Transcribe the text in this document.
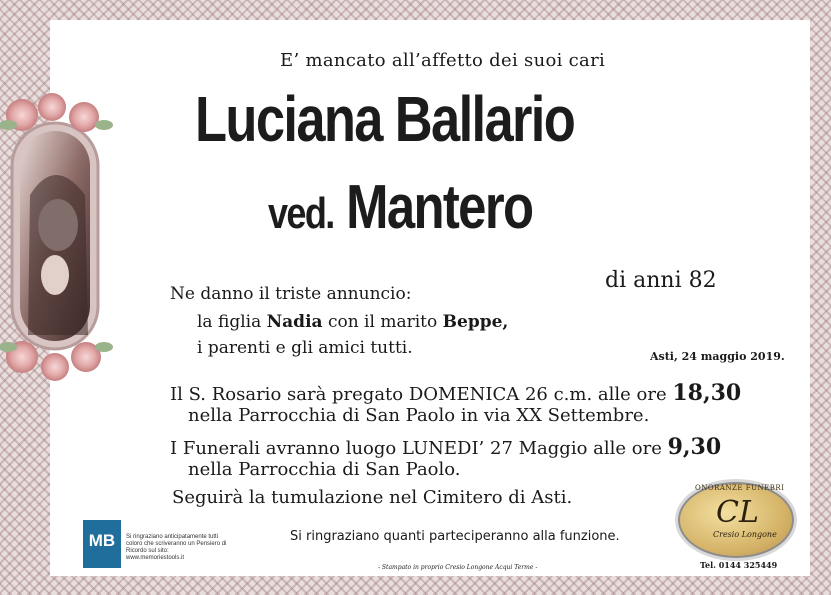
E’ mancato all’affetto dei suoi cari
Luciana Ballario
ved. Mantero
di anni 82
Ne danno il triste annuncio:
la figlia Nadia con il marito Beppe,
i parenti e gli amici tutti.	Asti, 24 maggio 2019.
Il S. Rosario sarà pregato DOMENICA 26 c.m. alle ore 18,30
nella Parrocchia di San Paolo in via XX Settembre.
I Funerali avranno luogo LUNEDI’ 27 Maggio alle ore 9,30
nella Parrocchia di San Paolo.
Seguirà la tumulazione nel Cimitero di Asti.
Si ringraziano quanti parteciperanno alla funzione.
MB	Si ringraziano anticipatamente tutti coloro che scriveranno un Pensiero di Ricordo sul sito: www.memoriestools.it
- Stampato in proprio Cresio Longone Acqui Terme -	Tel. 0144 325449
ONORANZE FUNEBRI
CL
Cresio Longone
